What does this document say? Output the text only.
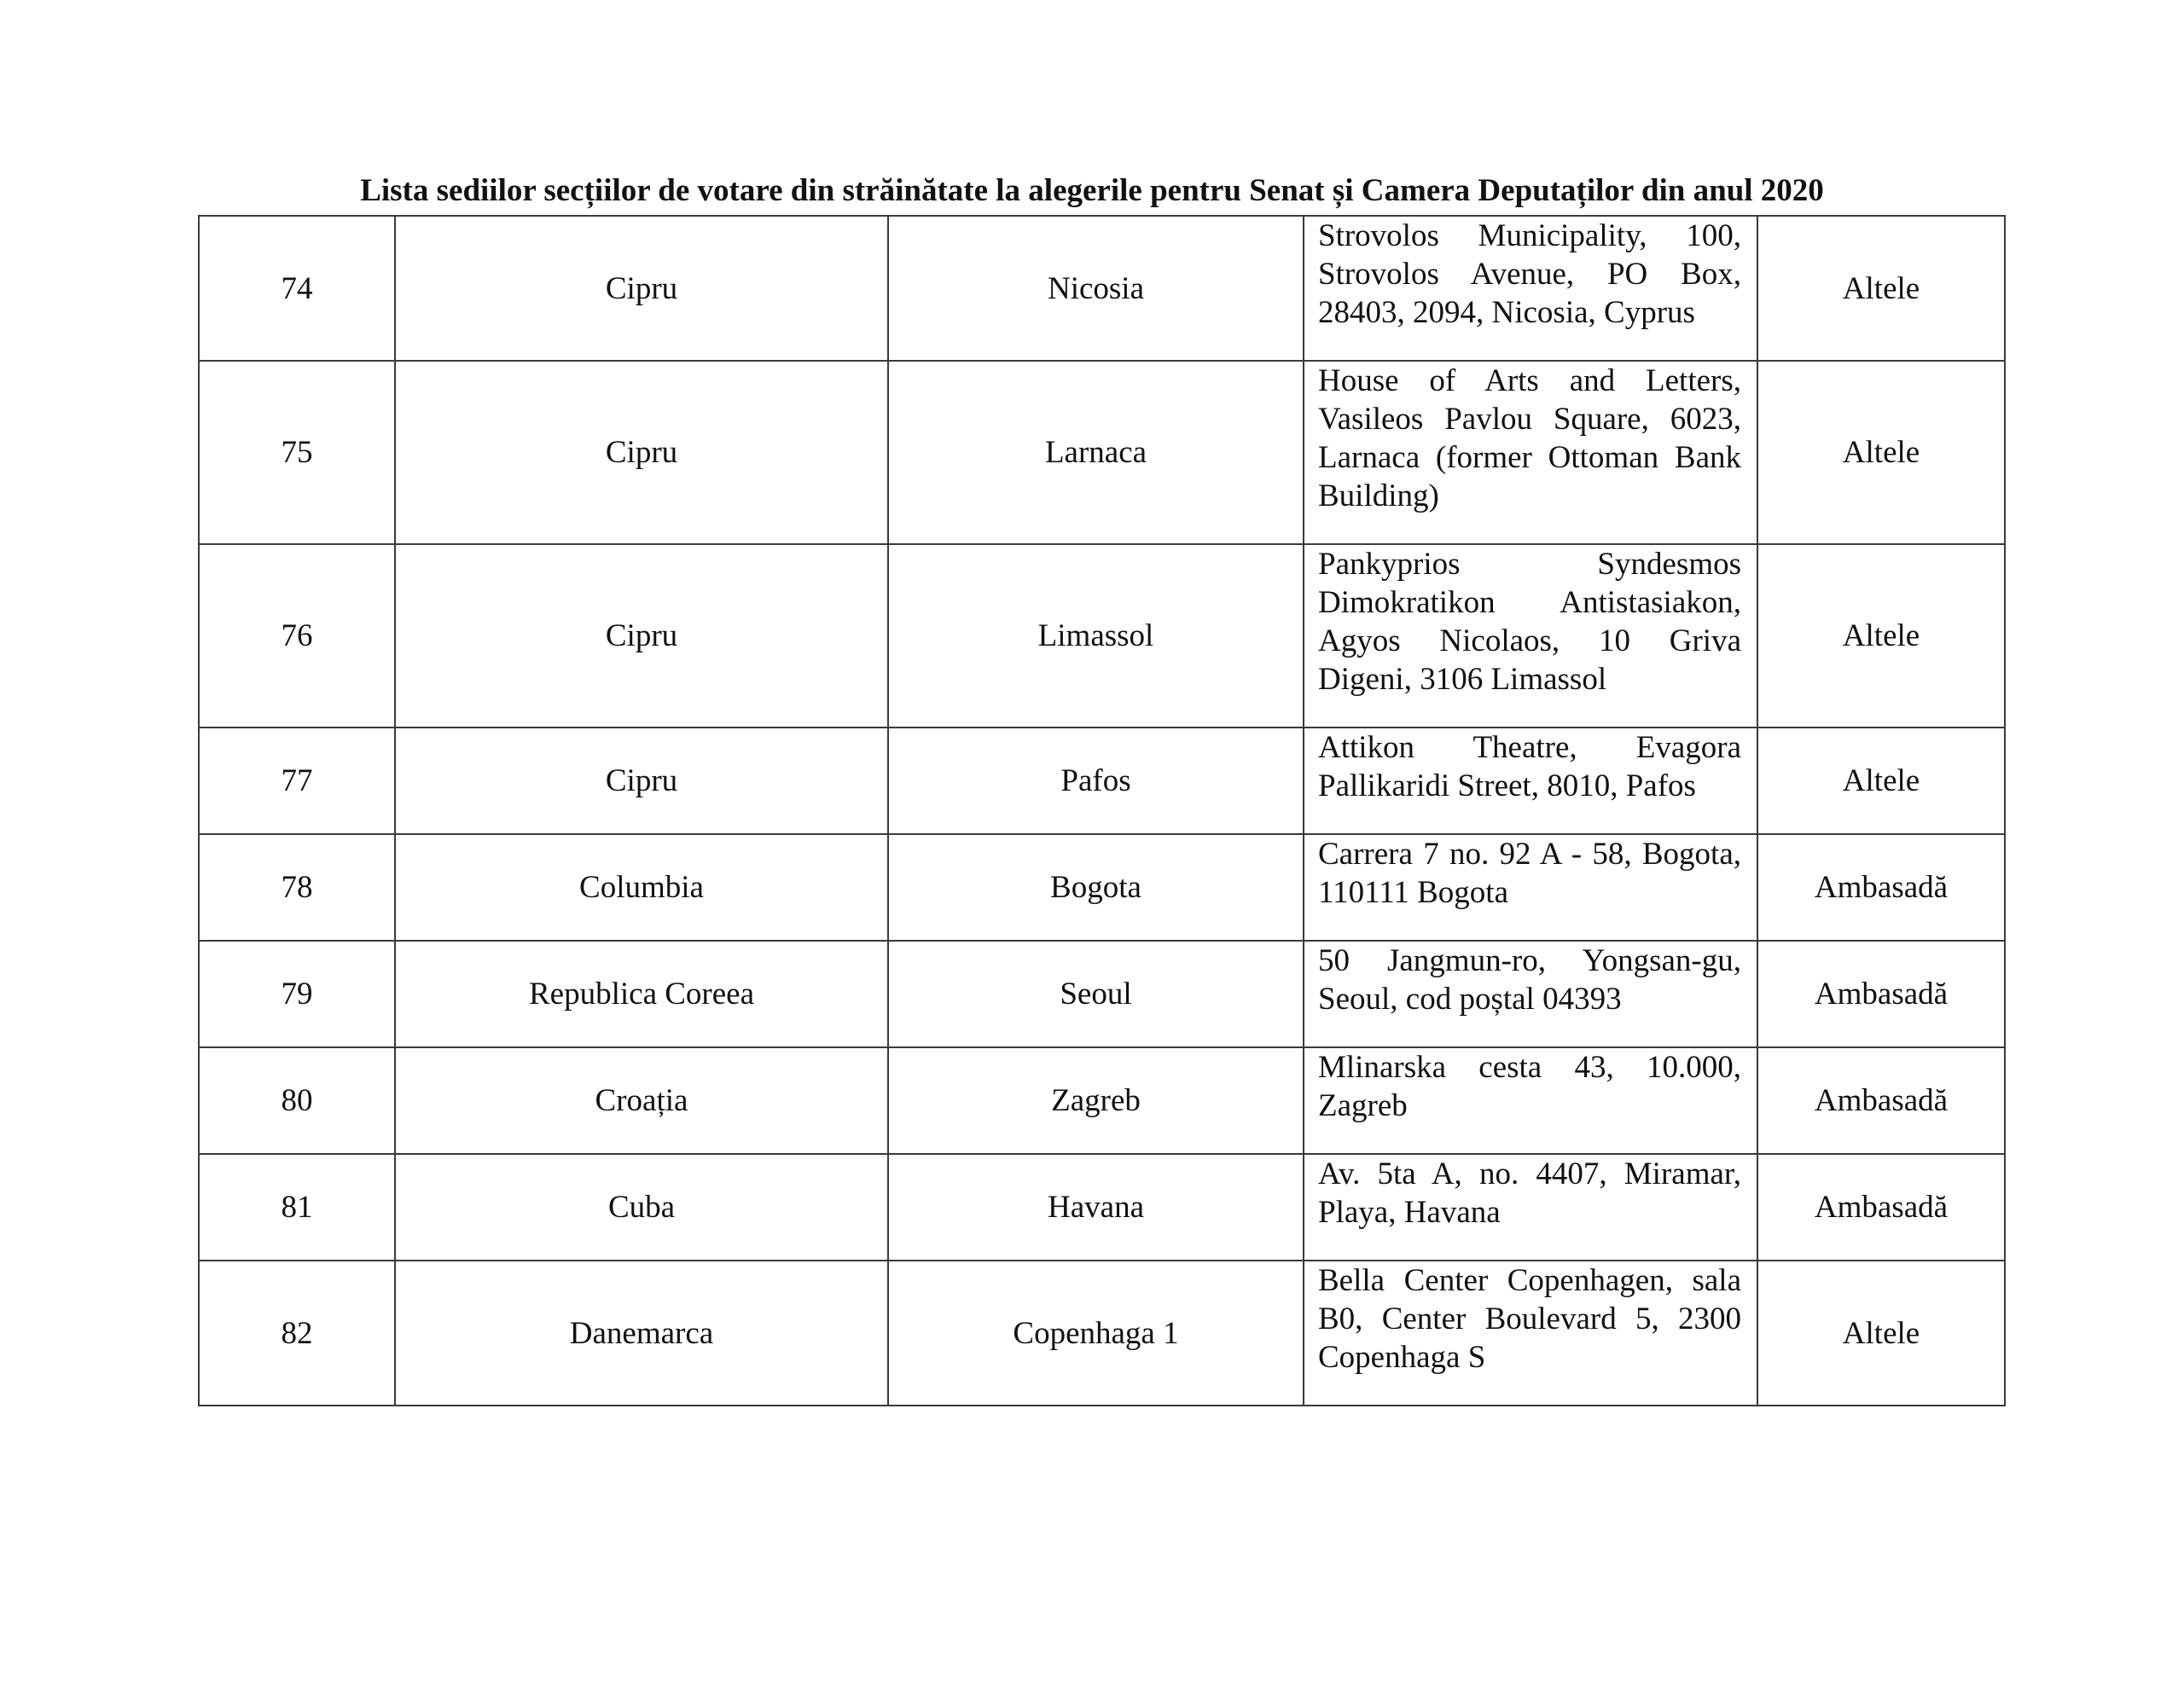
Lista sediilor secțiilor de votare din străinătate la alegerile pentru Senat și Camera Deputaților din anul 2020
74	Cipru	Nicosia	Strovolos Municipality, 100, Strovolos Avenue, PO Box, 28403, 2094, Nicosia, Cyprus	Altele
75	Cipru	Larnaca	House of Arts and Letters, Vasileos Pavlou Square, 6023, Larnaca (former Ottoman Bank Building)	Altele
76	Cipru	Limassol	Pankyprios Syndesmos Dimokratikon Antistasiakon, Agyos Nicolaos, 10 Griva Digeni, 3106 Limassol	Altele
77	Cipru	Pafos	Attikon Theatre, Evagora Pallikaridi Street, 8010, Pafos	Altele
78	Columbia	Bogota	Carrera 7 no. 92 A - 58, Bogota, 110111 Bogota	Ambasadă
79	Republica Coreea	Seoul	50 Jangmun-ro, Yongsan-gu, Seoul, cod poștal 04393	Ambasadă
80	Croația	Zagreb	Mlinarska cesta 43, 10.000, Zagreb	Ambasadă
81	Cuba	Havana	Av. 5ta A, no. 4407, Miramar, Playa, Havana	Ambasadă
82	Danemarca	Copenhaga 1	Bella Center Copenhagen, sala B0, Center Boulevard 5, 2300 Copenhaga S	Altele
